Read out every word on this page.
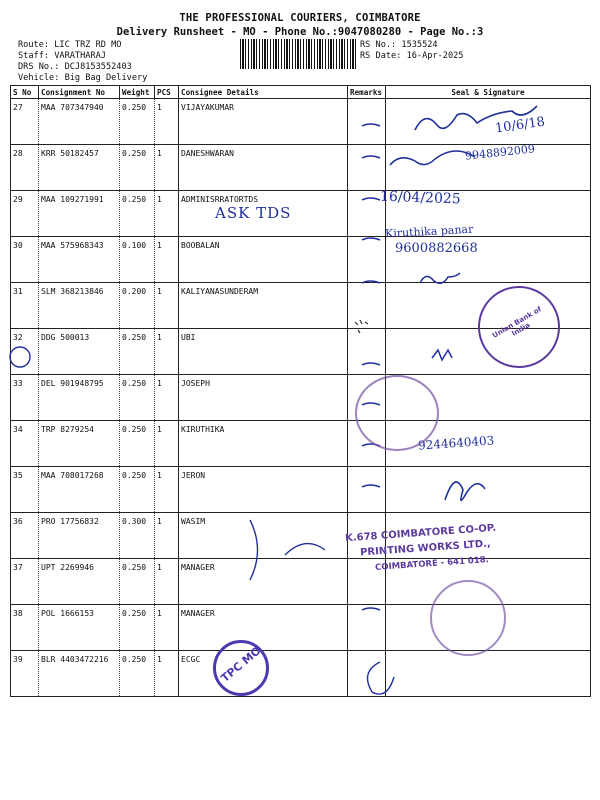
THE PROFESSIONAL COURIERS, COIMBATORE
Delivery Runsheet - MO - Phone No.:9047080280 - Page No.:3
Route: LIC TRZ RD MO
Staff: VARATHARAJ
DRS No.: DCJ8153552403
Vehicle: Big Bag Delivery
RS No.: 1535524
RS Date: 16-Apr-2025
S No	Consignment No	Weight	PCS	Consignee Details	Remarks	Seal & Signature
27	MAA 707347940	0.250	1	VIJAYAKUMAR		
28	KRR 50182457	0.250	1	DANESHWARAN		
29	MAA 109271991	0.250	1	ADMINISRRATORTDS		
30	MAA 575968343	0.100	1	BOOBALAN		
31	SLM 368213846	0.200	1	KALIYANASUNDERAM		
32	DDG 500013	0.250	1	UBI		
33	DEL 901948795	0.250	1	JOSEPH		
34	TRP 8279254	0.250	1	KIRUTHIKA		
35	MAA 708017268	0.250	1	JERON		
36	PRO 17756832	0.300	1	WASIM		
37	UPT 2269946	0.250	1	MANAGER		
38	POL 1666153	0.250	1	MANAGER		
39	BLR 4403472216	0.250	1	ECGC		
ASK TDS
10/6/18
9948892009
16/04/2025
Kiruthika panar
9600882668
9244640403
Union Bank of India
K.678 COIMBATORE CO-OP.
PRINTING WORKS LTD.,
COIMBATORE - 641 018.
TPC MO
